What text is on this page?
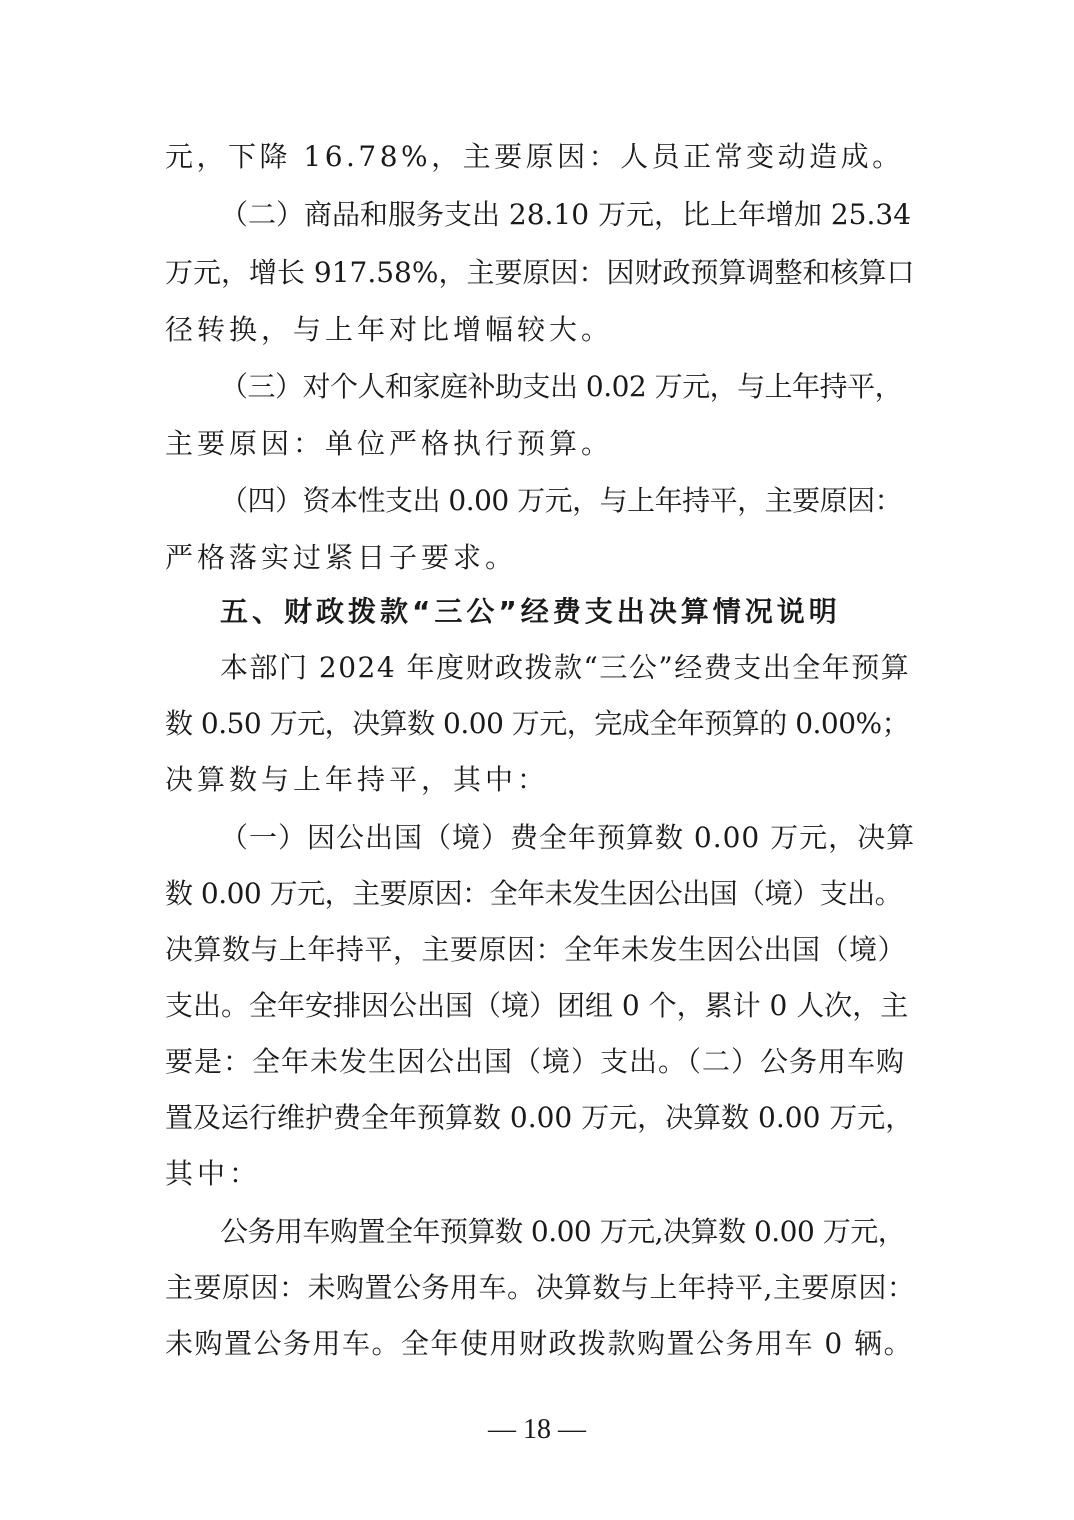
元，下降 16.78%，主要原因：人员正常变动造成。
（二）商品和服务支出 28.10 万元，比上年增加 25.34
万元，增长 917.58%，主要原因：因财政预算调整和核算口
径转换，与上年对比增幅较大。
（三）对个人和家庭补助支出 0.02 万元，与上年持平，
主要原因：单位严格执行预算。
（四）资本性支出 0.00 万元，与上年持平，主要原因：
严格落实过紧日子要求。
五、财政拨款“三公”经费支出决算情况说明
本部门 2024 年度财政拨款“三公”经费支出全年预算
数 0.50 万元，决算数 0.00 万元，完成全年预算的 0.00%；
决算数与上年持平，其中：
（一）因公出国（境）费全年预算数 0.00 万元，决算
数 0.00 万元，主要原因：全年未发生因公出国（境）支出。
决算数与上年持平，主要原因：全年未发生因公出国（境）
支出。全年安排因公出国（境）团组 0 个，累计 0 人次，主
要是：全年未发生因公出国（境）支出。（二）公务用车购
置及运行维护费全年预算数 0.00 万元，决算数 0.00 万元，
其中：
公务用车购置全年预算数 0.00 万元,决算数 0.00 万元，
主要原因：未购置公务用车。决算数与上年持平,主要原因：
未购置公务用车。全年使用财政拨款购置公务用车 0 辆。
— 18 —
